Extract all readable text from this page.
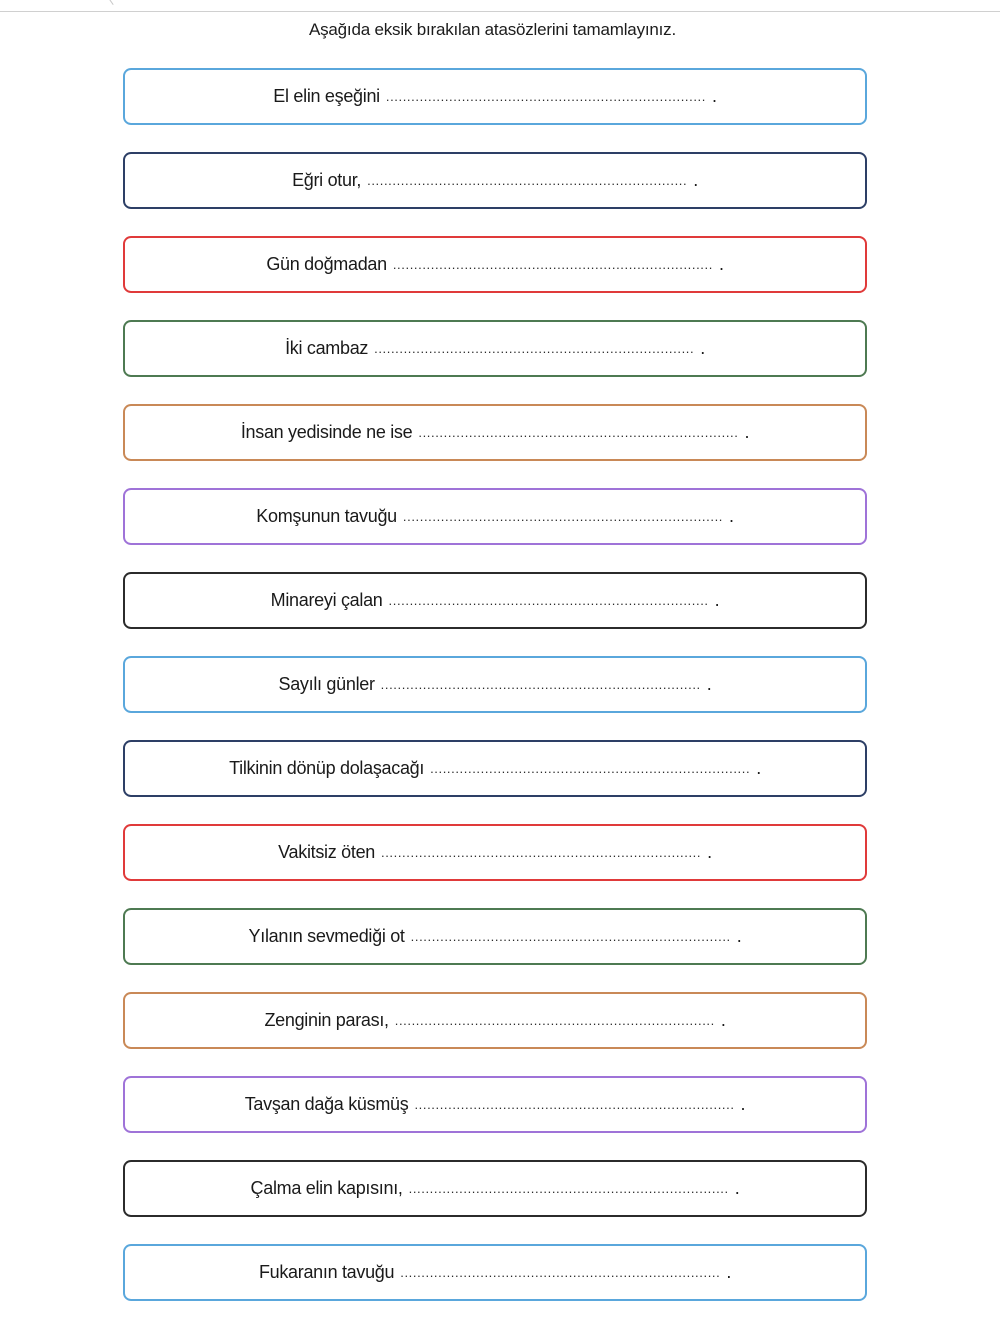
Aşağıda eksik bırakılan atasözlerini tamamlayınız.
El elin eşeğini ............................................................................ .
Eğri otur, ............................................................................ .
Gün doğmadan ............................................................................ .
İki cambaz ............................................................................ .
İnsan yedisinde ne ise ............................................................................ .
Komşunun tavuğu ............................................................................ .
Minareyi çalan ............................................................................ .
Sayılı günler ............................................................................ .
Tilkinin dönüp dolaşacağı ............................................................................ .
Vakitsiz öten ............................................................................ .
Yılanın sevmediği ot ............................................................................ .
Zenginin parası, ............................................................................ .
Tavşan dağa küsmüş ............................................................................ .
Çalma elin kapısını, ............................................................................ .
Fukaranın tavuğu ............................................................................ .
